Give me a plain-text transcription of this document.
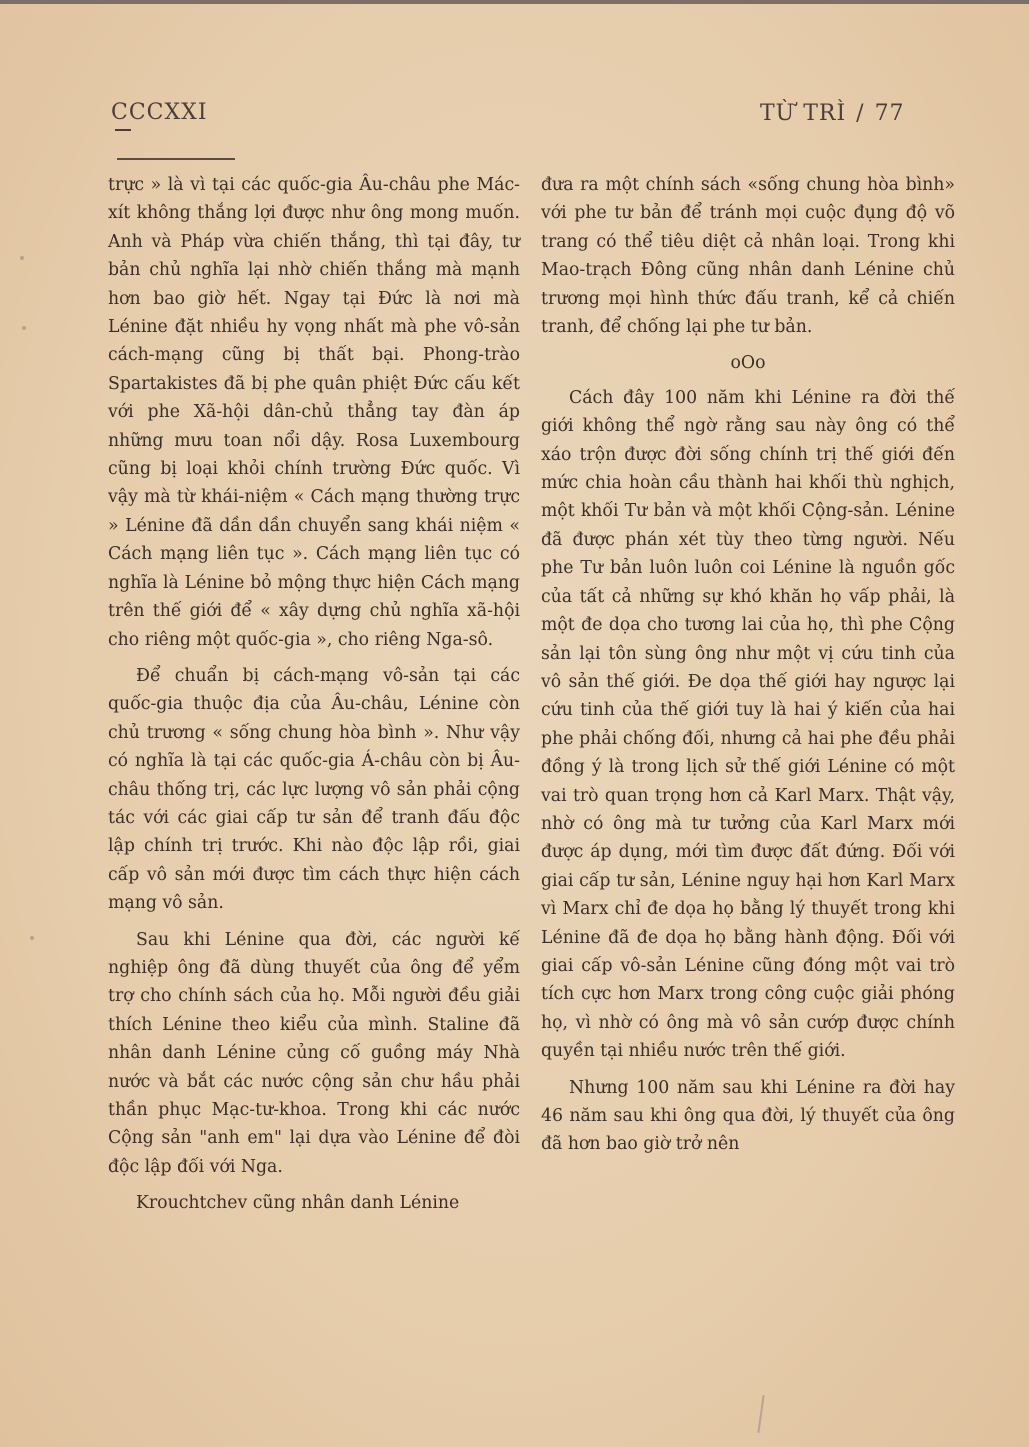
CCCXXI	TỪ TRÌ / 77

trực » là vì tại các quốc-gia Âu-châu phe Mác-xít không thắng lợi được như ông mong muốn. Anh và Pháp vừa chiến thắng, thì tại đây, tư bản chủ nghĩa lại nhờ chiến thắng mà mạnh hơn bao giờ hết. Ngay tại Đức là nơi mà Lénine đặt nhiều hy vọng nhất mà phe vô-sản cách-mạng cũng bị thất bại. Phong-trào Spartakistes đã bị phe quân phiệt Đức cấu kết với phe Xã-hội dân-chủ thẳng tay đàn áp những mưu toan nổi dậy. Rosa Luxembourg cũng bị loại khỏi chính trường Đức quốc. Vì vậy mà từ khái-niệm « Cách mạng thường trực » Lénine đã dần dần chuyển sang khái niệm « Cách mạng liên tục ». Cách mạng liên tục có nghĩa là Lénine bỏ mộng thực hiện Cách mạng trên thế giới để « xây dựng chủ nghĩa xã-hội cho riêng một quốc-gia », cho riêng Nga-sô.

Để chuẩn bị cách-mạng vô-sản tại các quốc-gia thuộc địa của Âu-châu, Lénine còn chủ trương « sống chung hòa bình ». Như vậy có nghĩa là tại các quốc-gia Á-châu còn bị Âu-châu thống trị, các lực lượng vô sản phải cộng tác với các giai cấp tư sản để tranh đấu độc lập chính trị trước. Khi nào độc lập rồi, giai cấp vô sản mới được tìm cách thực hiện cách mạng vô sản.

Sau khi Lénine qua đời, các người kế nghiệp ông đã dùng thuyết của ông để yểm trợ cho chính sách của họ. Mỗi người đều giải thích Lénine theo kiểu của mình. Staline đã nhân danh Lénine củng cố guồng máy Nhà nước và bắt các nước cộng sản chư hầu phải thần phục Mạc-tư-khoa. Trong khi các nước Cộng sản "anh em" lại dựa vào Lénine để đòi độc lập đối với Nga.

Krouchtchev cũng nhân danh Lénine

đưa ra một chính sách «sống chung hòa bình» với phe tư bản để tránh mọi cuộc đụng độ võ trang có thể tiêu diệt cả nhân loại. Trong khi Mao-trạch Đông cũng nhân danh Lénine chủ trương mọi hình thức đấu tranh, kể cả chiến tranh, để chống lại phe tư bản.

oOo

Cách đây 100 năm khi Lénine ra đời thế giới không thể ngờ rằng sau này ông có thể xáo trộn được đời sống chính trị thế giới đến mức chia hoàn cầu thành hai khối thù nghịch, một khối Tư bản và một khối Cộng-sản. Lénine đã được phán xét tùy theo từng người. Nếu phe Tư bản luôn luôn coi Lénine là nguồn gốc của tất cả những sự khó khăn họ vấp phải, là một đe dọa cho tương lai của họ, thì phe Cộng sản lại tôn sùng ông như một vị cứu tinh của vô sản thế giới. Đe dọa thế giới hay ngược lại cứu tinh của thế giới tuy là hai ý kiến của hai phe phải chống đối, nhưng cả hai phe đều phải đồng ý là trong lịch sử thế giới Lénine có một vai trò quan trọng hơn cả Karl Marx. Thật vậy, nhờ có ông mà tư tưởng của Karl Marx mới được áp dụng, mới tìm được đất đứng. Đối với giai cấp tư sản, Lénine nguy hại hơn Karl Marx vì Marx chỉ đe dọa họ bằng lý thuyết trong khi Lénine đã đe dọa họ bằng hành động. Đối với giai cấp vô-sản Lénine cũng đóng một vai trò tích cực hơn Marx trong công cuộc giải phóng họ, vì nhờ có ông mà vô sản cướp được chính quyền tại nhiều nước trên thế giới.

Nhưng 100 năm sau khi Lénine ra đời hay 46 năm sau khi ông qua đời, lý thuyết của ông đã hơn bao giờ trở nên
